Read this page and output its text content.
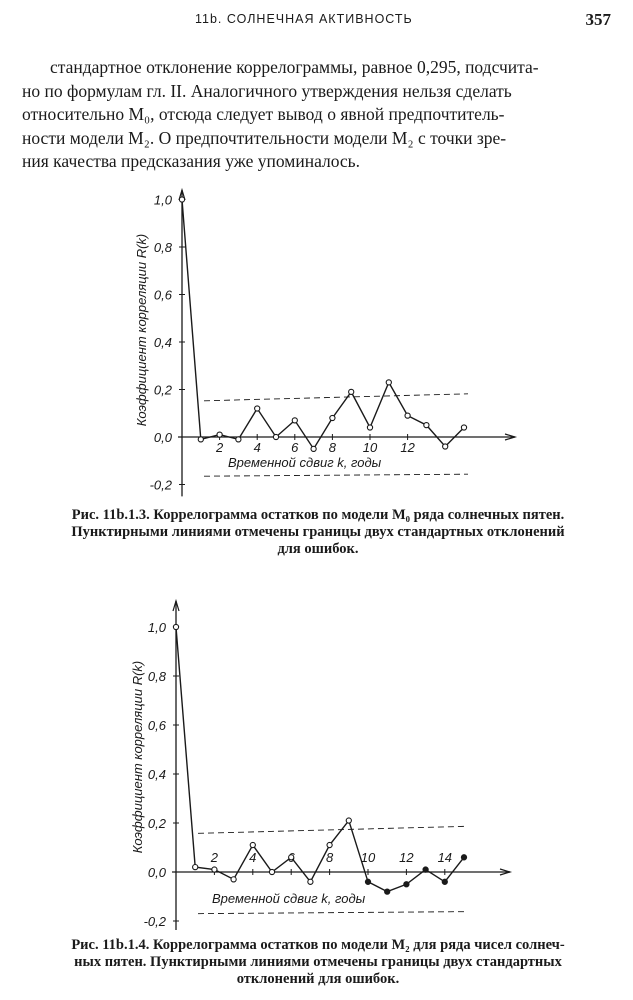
11b. СОЛНЕЧНАЯ АКТИВНОСТЬ	357
стандартное отклонение коррелограммы, равное 0,295, подсчита-
но по формулам гл. II. Аналогичного утверждения нельзя сделать
относительно M₀, отсюда следует вывод о явной предпочтитель-
ности модели M₂. О предпочтительности модели M₂ с точки зре-
ния качества предсказания уже упоминалось.
1,0
0,8
0,6
0,4
0,2
0,0
-0,2
2 4 6 8 10 12
Коэффициент корреляции R(k)
Временной сдвиг k, годы
Рис. 11b.1.3. Коррелограмма остатков по модели M₀ ряда солнечных пятен.
Пунктирными линиями отмечены границы двух стандартных отклонений
для ошибок.
1,0
0,8
0,6
0,4
0,2
0,0
-0,2
2 4	8 10 12 14
Коэффициент корреляции R(k)
Временной сдвиг k, годы
Рис. 11b.1.4. Коррелограмма остатков по модели M₂ для ряда чисел солнеч-
ных пятен. Пунктирными линиями отмечены границы двух стандартных
отклонений для ошибок.
